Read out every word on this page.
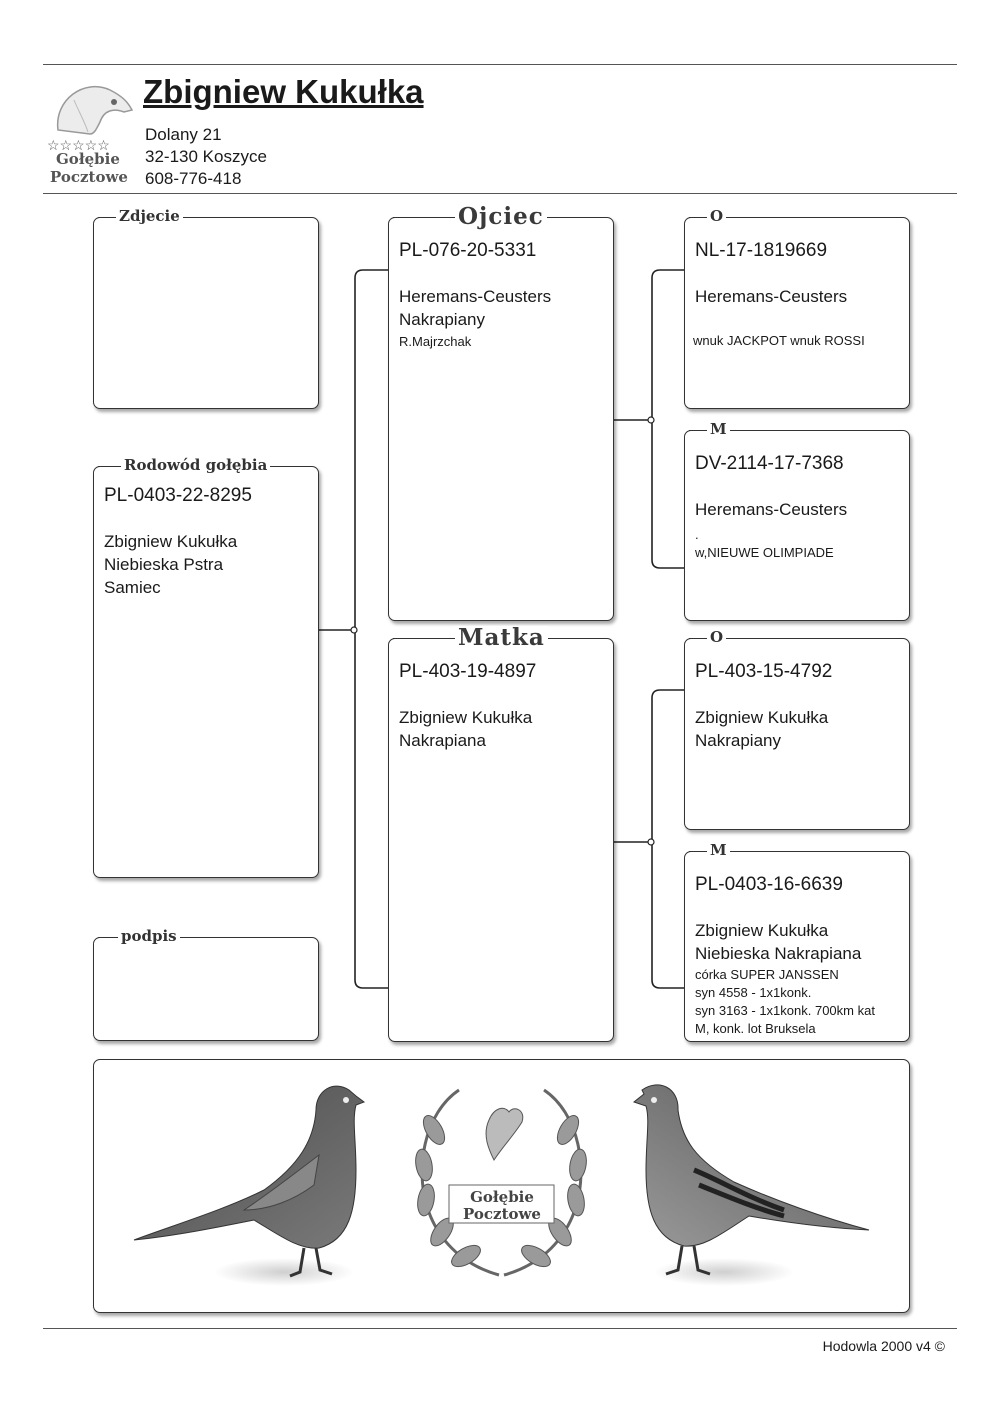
☆☆☆☆☆
Gołębie
Pocztowe
Zbigniew Kukułka
Dolany 21
32-130 Koszyce
608-776-418
Zdjecie
Rodowód gołębia
PL-0403-22-8295
Zbigniew Kukułka
Niebieska Pstra
Samiec
podpis
Ojciec
PL-076-20-5331
Heremans-Ceusters
Nakrapiany
R.Majrzchak
Matka
PL-403-19-4897
Zbigniew Kukułka
Nakrapiana
O
NL-17-1819669
Heremans-Ceusters
wnuk JACKPOT wnuk ROSSI
M
DV-2114-17-7368
Heremans-Ceusters
.
w,NIEUWE OLIMPIADE
O
PL-403-15-4792
Zbigniew Kukułka
Nakrapiany
M
PL-0403-16-6639
Zbigniew Kukułka
Niebieska Nakrapiana
córka SUPER JANSSEN
syn 4558 - 1x1konk.
syn 3163 - 1x1konk. 700km kat
M, konk. lot Bruksela
Gołębie
Pocztowe
Hodowla 2000 v4 ©
